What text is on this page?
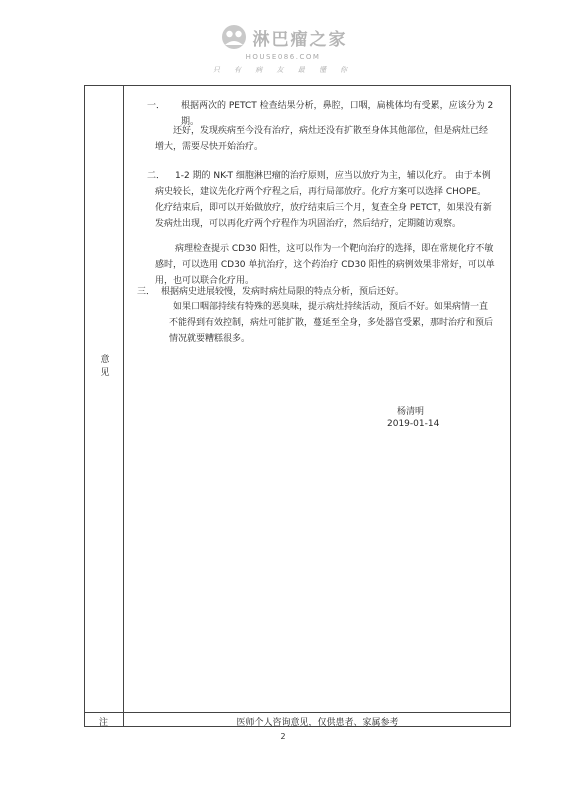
淋巴瘤之家
HOUSE086.COM
只 有 病 友 最 懂 你
意见
一． 根据两次的 PETCT 检查结果分析，鼻腔，口咽，扁桃体均有受累，应该分为 2 期。
还好，发现疾病至今没有治疗，病灶还没有扩散至身体其他部位，但是病灶已经增大，需要尽快开始治疗。
二．	1-2 期的 NK-T 细胞淋巴瘤的治疗原则，应当以放疗为主，辅以化疗。 由于本例病史较长，建议先化疗两个疗程之后，再行局部放疗。化疗方案可以选择 CHOPE。化疗结束后，即可以开始做放疗，放疗结束后三个月，复查全身 PETCT，如果没有新发病灶出现，可以再化疗两个疗程作为巩固治疗，然后结疗，定期随访观察。
病理检查提示 CD30 阳性，这可以作为一个靶向治疗的选择，即在常规化疗不敏感时，可以选用 CD30 单抗治疗，这个药治疗 CD30 阳性的病例效果非常好，可以单用，也可以联合化疗用。
三． 根据病史进展较慢，发病时病灶局限的特点分析，预后还好。
如果口咽部持续有特殊的恶臭味，提示病灶持续活动，预后不好。如果病情一直不能得到有效控制，病灶可能扩散，蔓延至全身，多处器官受累，那时治疗和预后情况就要糟糕很多。
杨清明
2019-01-14
注	医师个人咨询意见，仅供患者、家属参考
2
